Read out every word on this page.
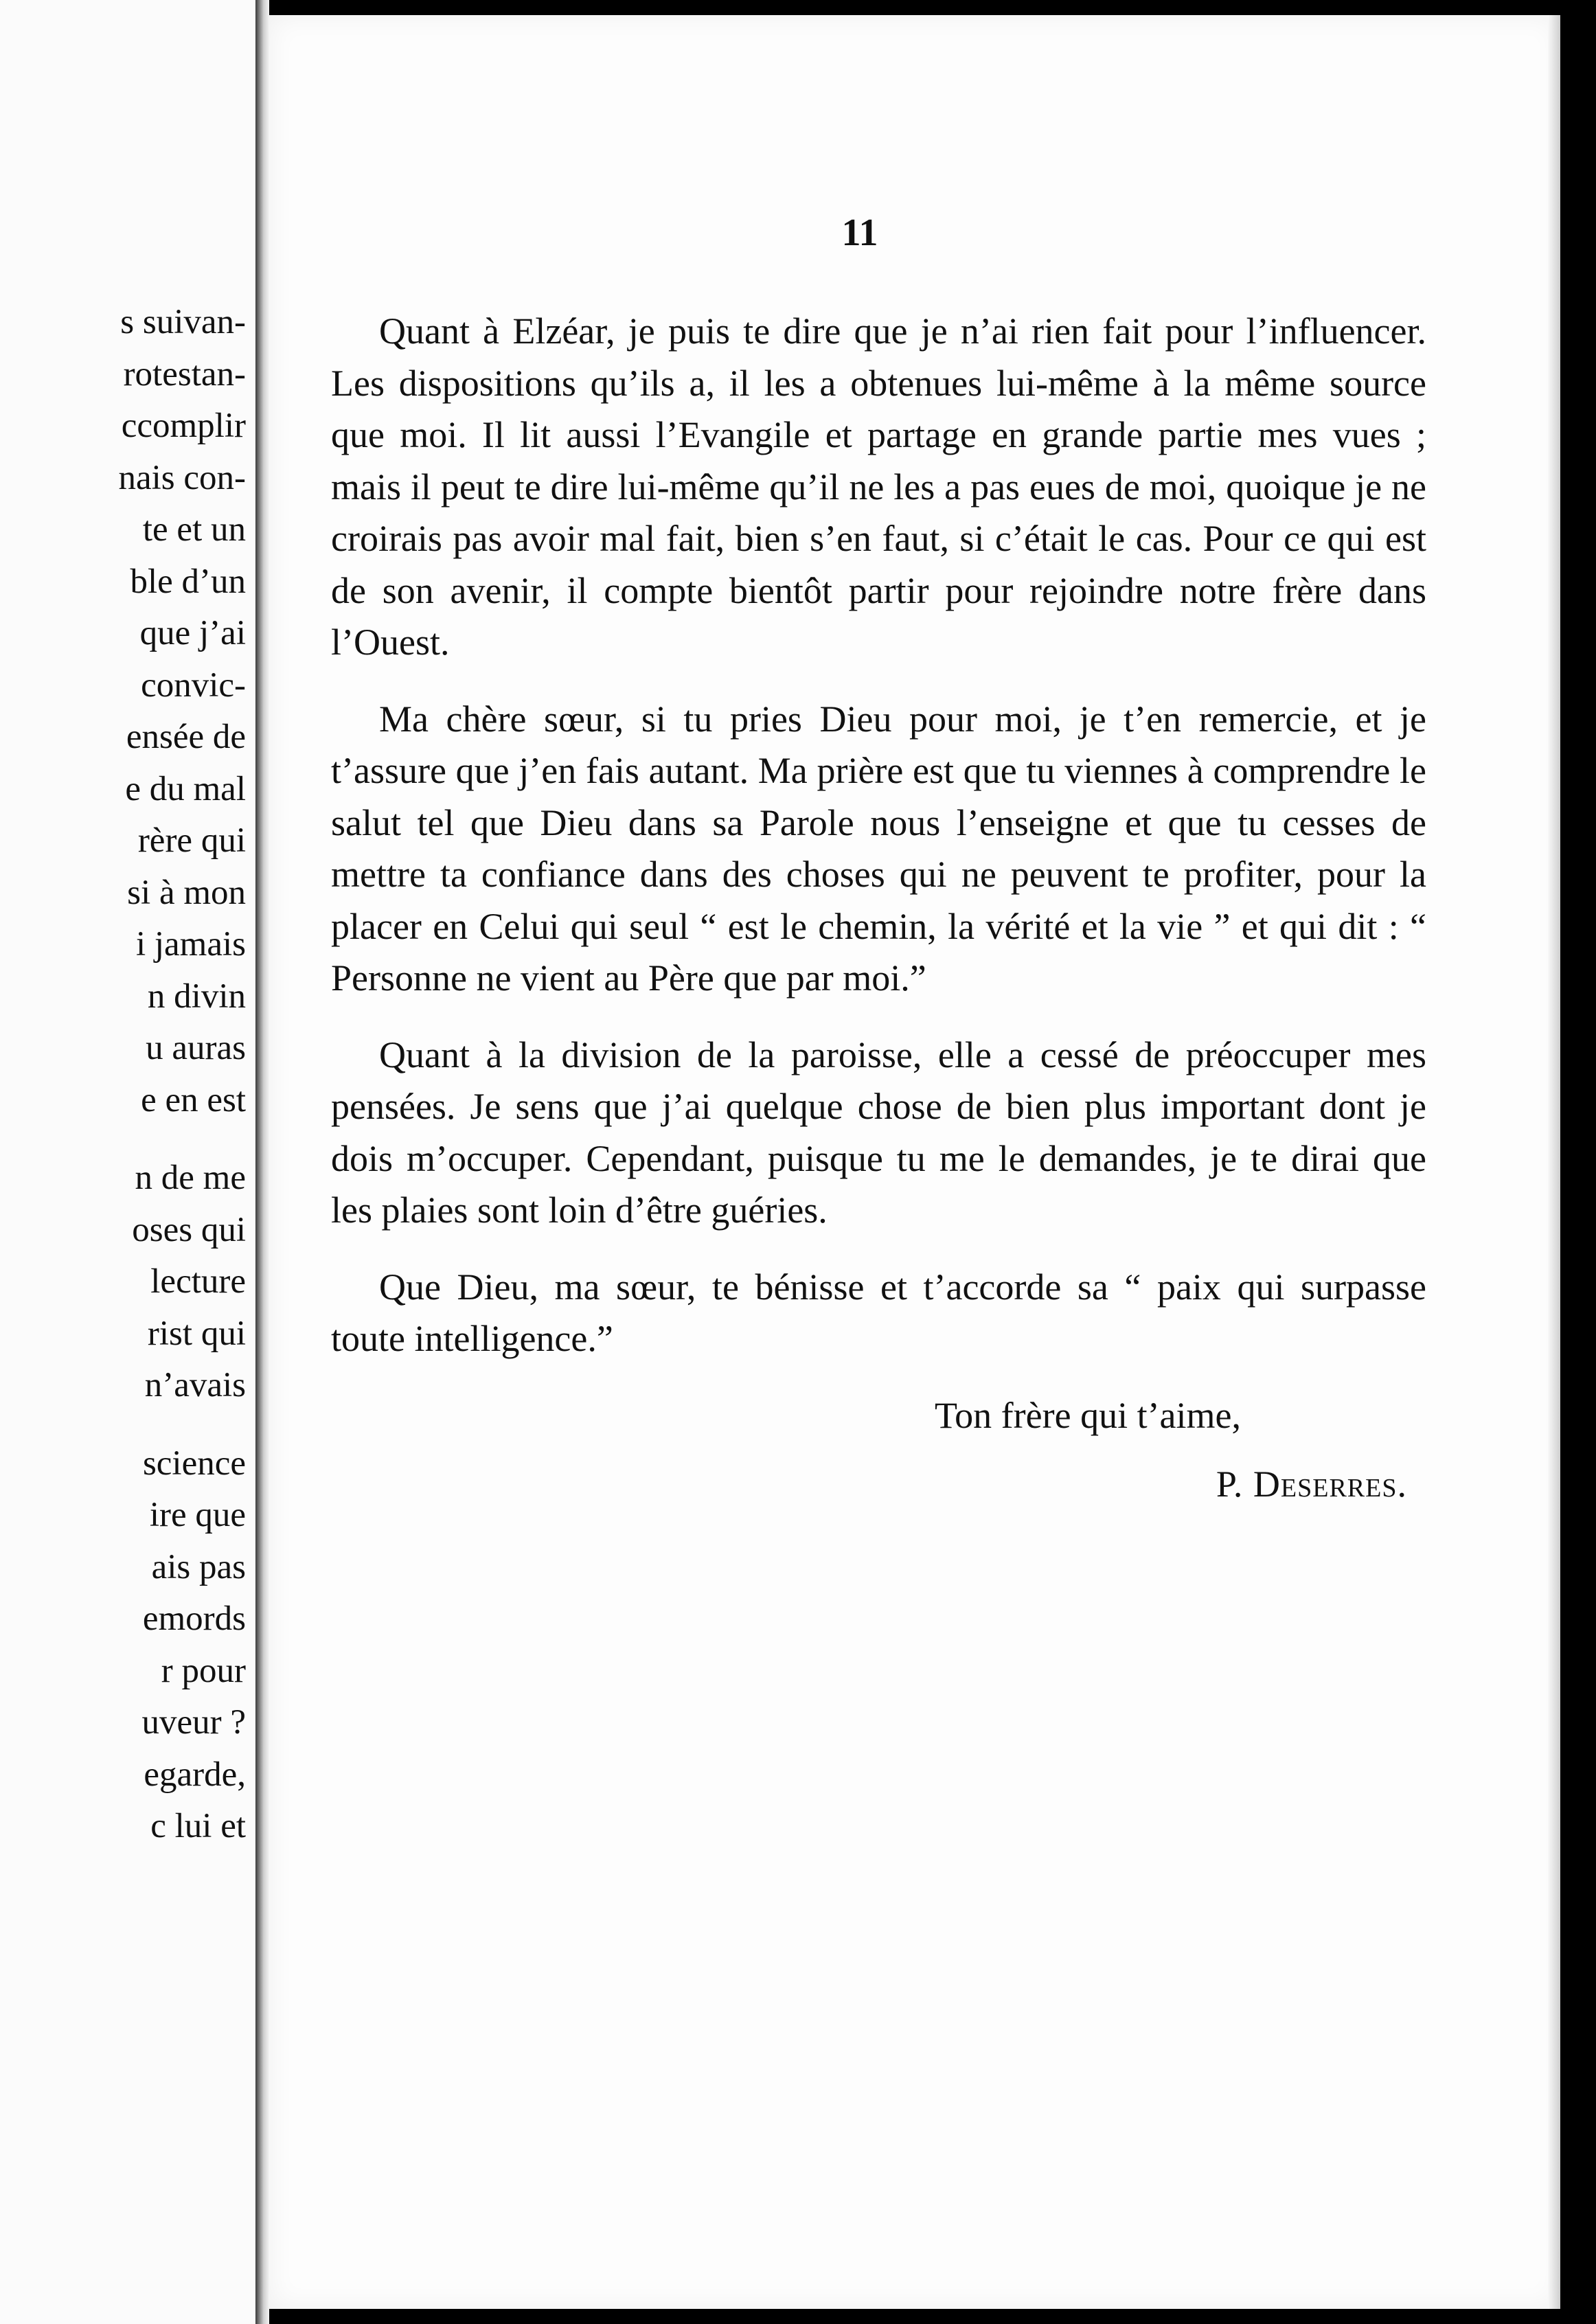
s suivan-
rotestan-
ccomplir
nais con-
te et un
ble d’un
que j’ai
convic-
ensée de
e du mal
rère qui
si à mon
i jamais
n divin
u auras
e en est
n de me
oses qui
lecture
rist qui
n’avais
science
ire que
ais pas
emords
r pour
uveur ?
egarde,
c lui et
11

Quant à Elzéar, je puis te dire que je n’ai rien fait pour l’influencer. Les dispositions qu’ils a, il les a obtenues lui-même à la même source que moi. Il lit aussi l’Evangile et partage en grande partie mes vues ; mais il peut te dire lui-même qu’il ne les a pas eues de moi, quoique je ne croirais pas avoir mal fait, bien s’en faut, si c’était le cas. Pour ce qui est de son avenir, il compte bientôt partir pour rejoindre notre frère dans l’Ouest.

Ma chère sœur, si tu pries Dieu pour moi, je t’en remercie, et je t’assure que j’en fais autant. Ma prière est que tu viennes à comprendre le salut tel que Dieu dans sa Parole nous l’enseigne et que tu cesses de mettre ta confiance dans des choses qui ne peuvent te profiter, pour la placer en Celui qui seul “ est le chemin, la vérité et la vie ” et qui dit : “ Personne ne vient au Père que par moi.”

Quant à la division de la paroisse, elle a cessé de préoccuper mes pensées. Je sens que j’ai quelque chose de bien plus important dont je dois m’occuper. Cependant, puisque tu me le demandes, je te dirai que les plaies sont loin d’être guéries.

Que Dieu, ma sœur, te bénisse et t’accorde sa “ paix qui surpasse toute intelligence.”

Ton frère qui t’aime,

P. Deserres.
